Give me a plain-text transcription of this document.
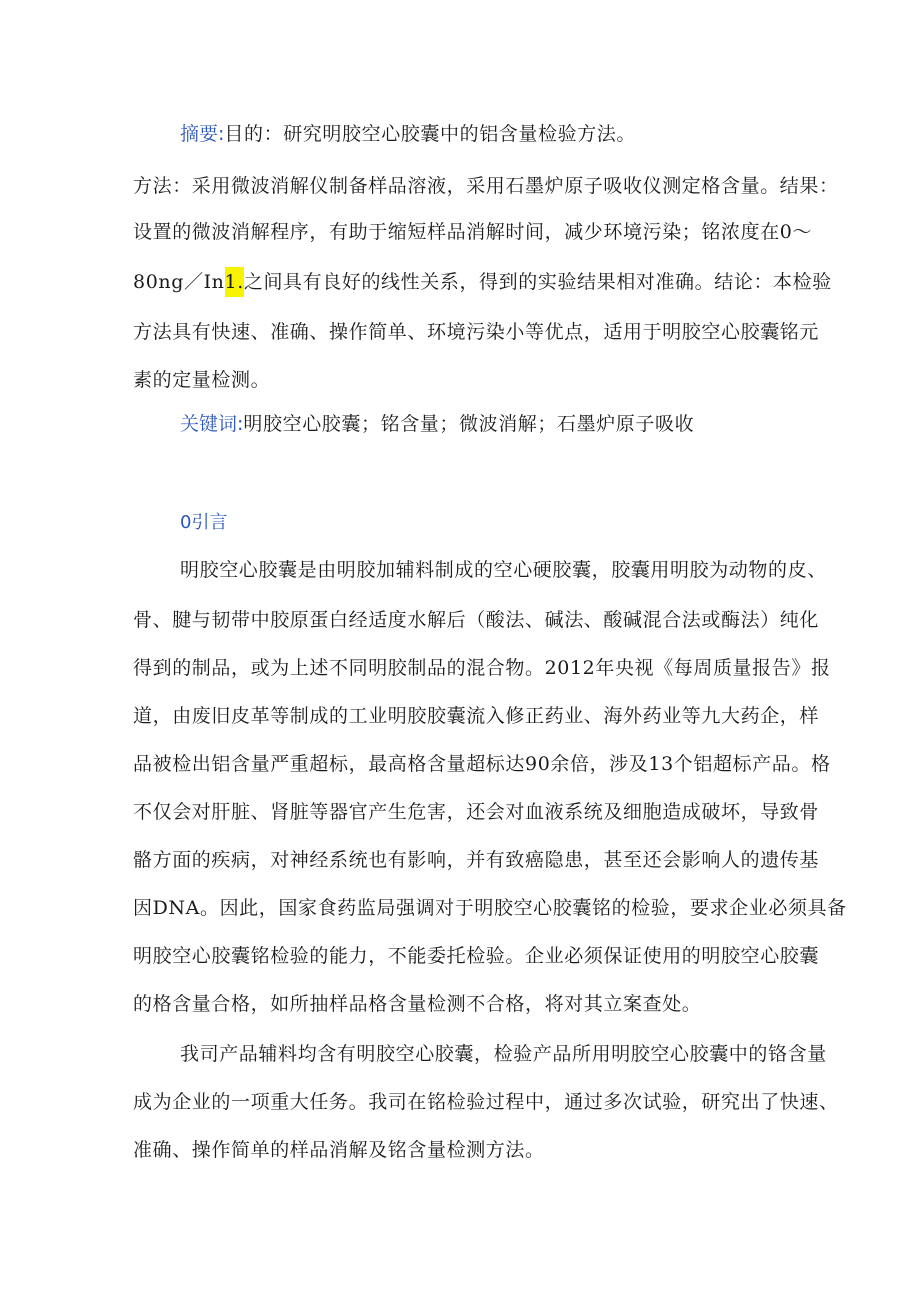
摘要:目的：研究明胶空心胶囊中的铝含量检验方法。
方法：采用微波消解仪制备样品溶液，采用石墨炉原子吸收仪测定格含量。结果：
设置的微波消解程序，有助于缩短样品消解时间，减少环境污染；铭浓度在0〜
80ng／In1.之间具有良好的线性关系，得到的实验结果相对准确。结论：本检验
方法具有快速、准确、操作简单、环境污染小等优点，适用于明胶空心胶囊铭元
素的定量检测。
关键词:明胶空心胶囊；铭含量；微波消解；石墨炉原子吸收
0引言
明胶空心胶囊是由明胶加辅料制成的空心硬胶囊，胶囊用明胶为动物的皮、
骨、腱与韧带中胶原蛋白经适度水解后（酸法、碱法、酸碱混合法或酶法）纯化
得到的制品，或为上述不同明胶制品的混合物。2012年央视《每周质量报告》报
道，由废旧皮革等制成的工业明胶胶囊流入修正药业、海外药业等九大药企，样
品被检出铝含量严重超标，最高格含量超标达90余倍，涉及13个铝超标产品。格
不仅会对肝脏、肾脏等器官产生危害，还会对血液系统及细胞造成破坏，导致骨
骼方面的疾病，对神经系统也有影响，并有致癌隐患，甚至还会影响人的遗传基
因DNA。因此，国家食药监局强调对于明胶空心胶囊铭的检验，要求企业必须具备
明胶空心胶囊铭检验的能力，不能委托检验。企业必须保证使用的明胶空心胶囊
的格含量合格，如所抽样品格含量检测不合格，将对其立案查处。
我司产品辅料均含有明胶空心胶囊，检验产品所用明胶空心胶囊中的铬含量
成为企业的一项重大任务。我司在铭检验过程中，通过多次试验，研究出了快速、
准确、操作简单的样品消解及铭含量检测方法。
